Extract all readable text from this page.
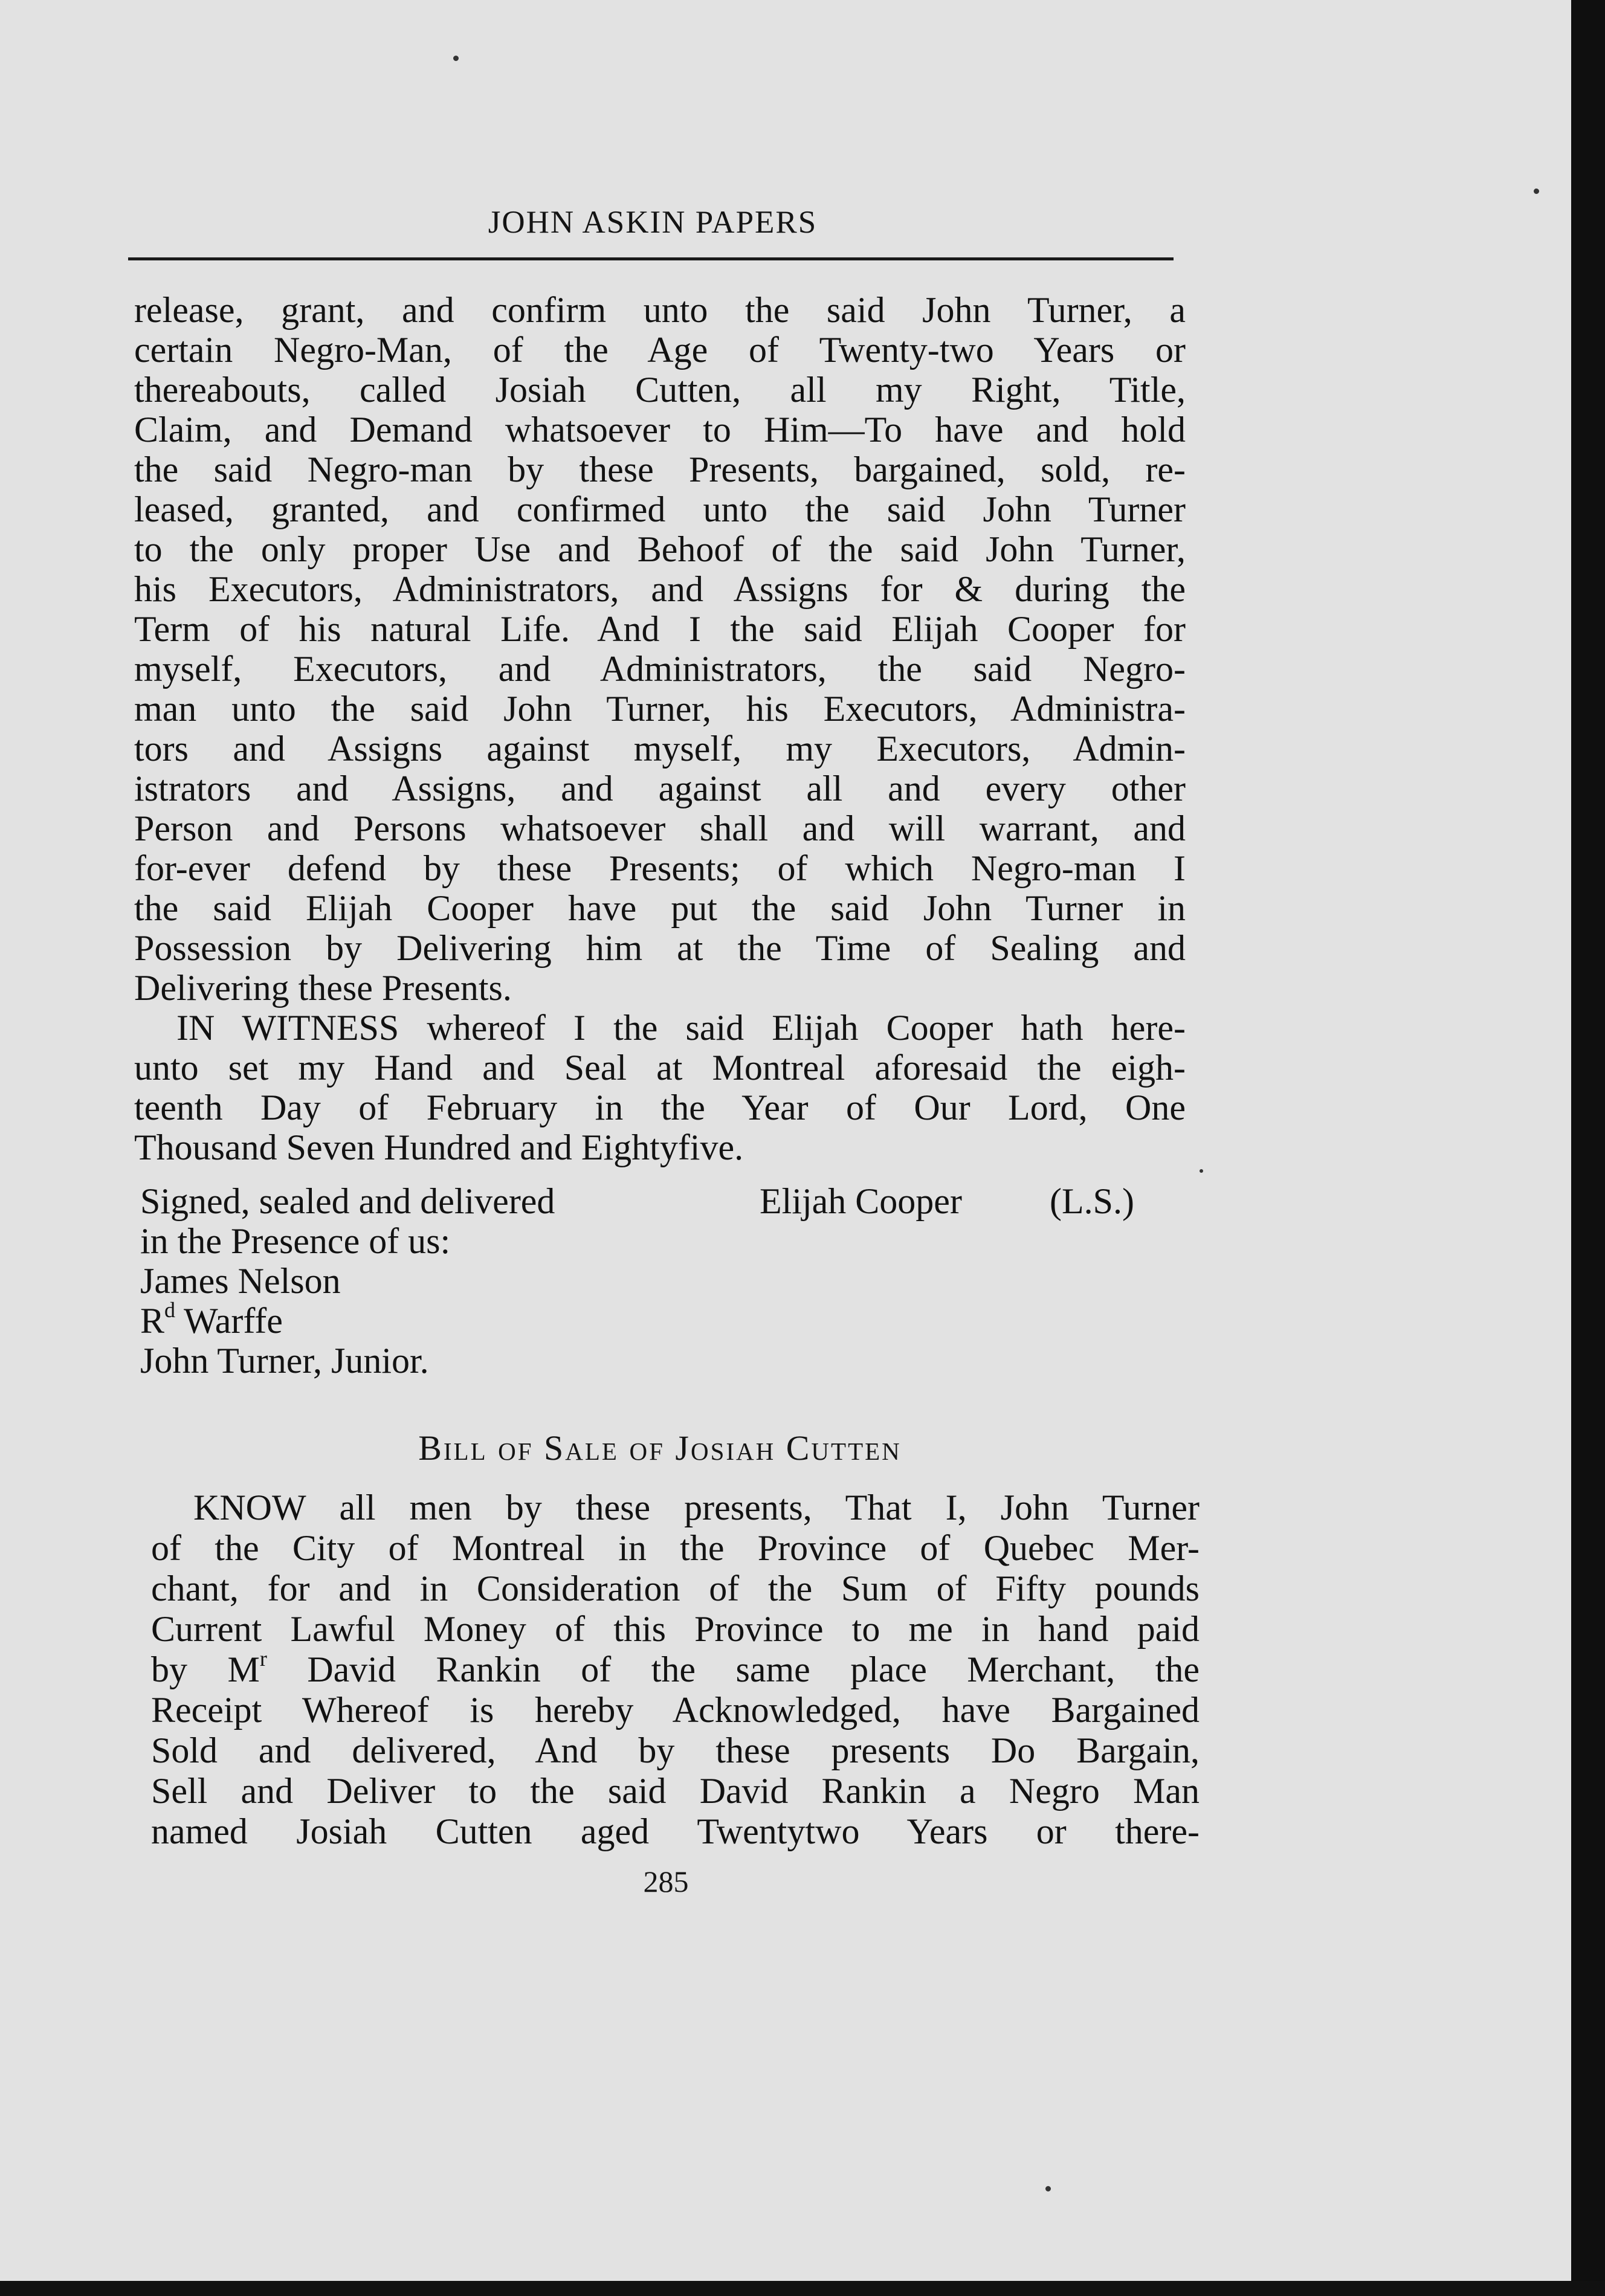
JOHN ASKIN PAPERS
release, grant, and confirm unto the said John Turner, a
certain Negro-Man, of the Age of Twenty-two Years or
thereabouts, called Josiah Cutten, all my Right, Title,
Claim, and Demand whatsoever to Him—To have and hold
the said Negro-man by these Presents, bargained, sold, re-
leased, granted, and confirmed unto the said John Turner
to the only proper Use and Behoof of the said John Turner,
his Executors, Administrators, and Assigns for & during the
Term of his natural Life. And I the said Elijah Cooper for
myself, Executors, and Administrators, the said Negro-
man unto the said John Turner, his Executors, Administra-
tors and Assigns against myself, my Executors, Admin-
istrators and Assigns, and against all and every other
Person and Persons whatsoever shall and will warrant, and
for-ever defend by these Presents; of which Negro-man I
the said Elijah Cooper have put the said John Turner in
Possession by Delivering him at the Time of Sealing and
Delivering these Presents.
IN WITNESS whereof I the said Elijah Cooper hath here-
unto set my Hand and Seal at Montreal aforesaid the eigh-
teenth Day of February in the Year of Our Lord, One
Thousand Seven Hundred and Eightyfive.
Signed, sealed and delivered	Elijah Cooper (L.S.)
in the Presence of us:
James Nelson
$R^d$ Warffe
John Turner, Junior.
Bill of Sale of Josiah Cutten
KNOW all men by these presents, That I, John Turner
of the City of Montreal in the Province of Quebec Mer-
chant, for and in Consideration of the Sum of Fifty pounds
Current Lawful Money of this Province to me in hand paid
by $M^r$ David Rankin of the same place Merchant, the
Receipt Whereof is hereby Acknowledged, have Bargained
Sold and delivered, And by these presents Do Bargain,
Sell and Deliver to the said David Rankin a Negro Man
named Josiah Cutten aged Twentytwo Years or there-
285
